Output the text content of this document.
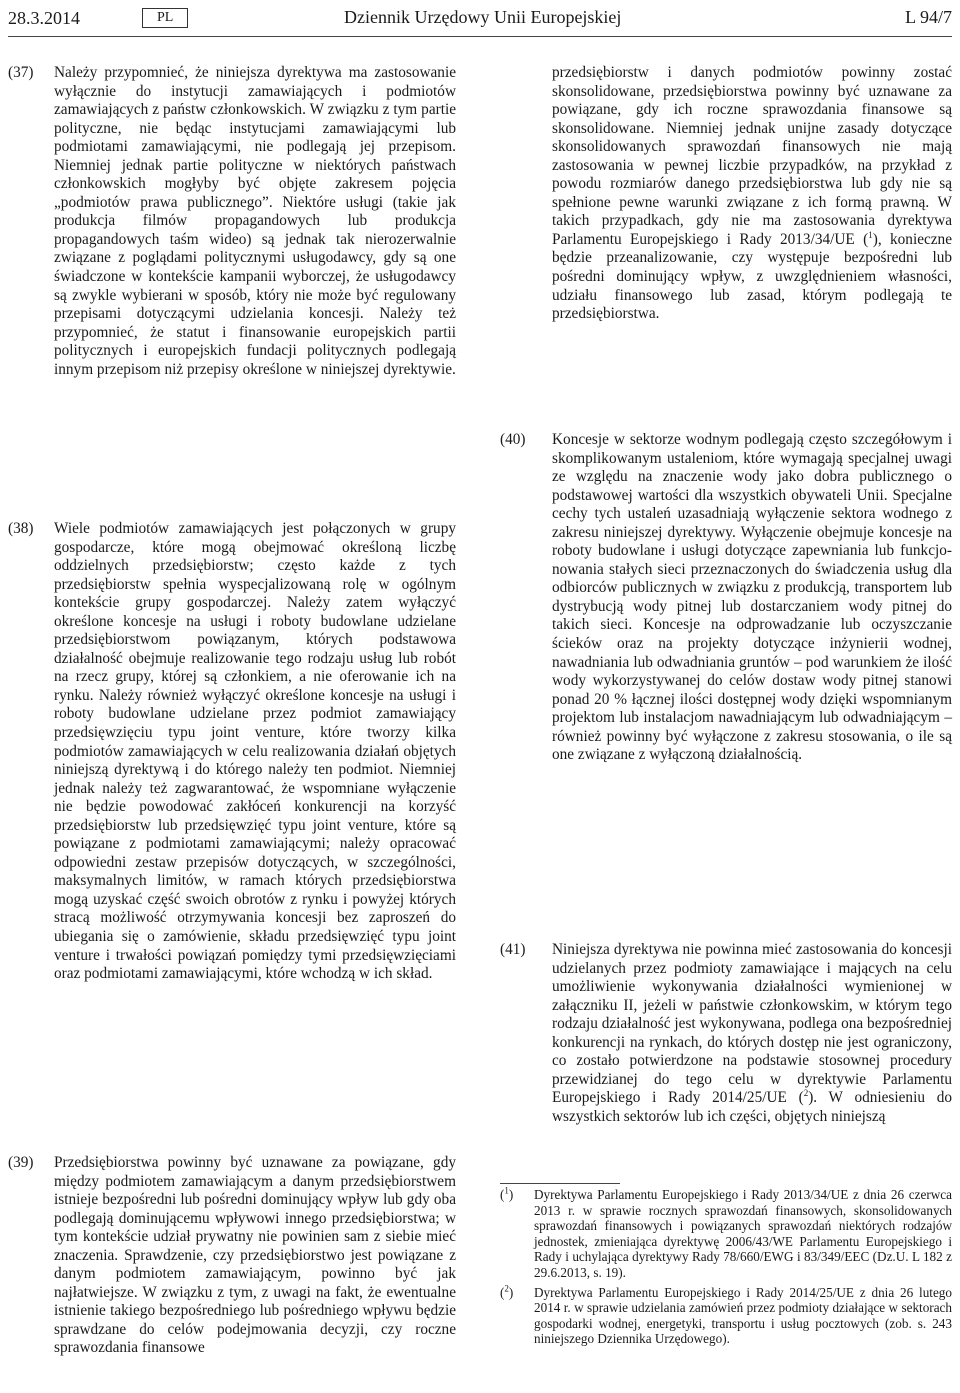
28.3.2014	PL	Dziennik Urzędowy Unii Europejskiej	L 94/7
(37) Należy przypomnieć, że niniejsza dyrektywa ma zastosowanie wyłącznie do instytucji zamawiających i podmiotów zamawiających z państw członkowskich. W związku z tym partie polityczne, nie będąc instytucjami zamawiającymi lub podmiotami zamawiającymi, nie podlegają jej przepisom. Niemniej jednak partie polityczne w niektórych państwach członkowskich mogłyby być objęte zakresem pojęcia „podmiotów prawa publicznego”. Niektóre usługi (takie jak produkcja filmów propagandowych lub produkcja propagandowych taśm wideo) są jednak tak nierozerwalnie związane z poglądami politycznymi usługodawcy, gdy są one świadczone w kontekście kampanii wyborczej, że usługodawcy są zwykle wybierani w sposób, który nie może być regulowany przepisami dotyczącymi udzielania koncesji. Należy też przypomnieć, że statut i finansowanie europejskich partii politycznych i europejskich fundacji politycznych podlegają innym przepisom niż przepisy określone w niniejszej dyrektywie.
(38) Wiele podmiotów zamawiających jest połączonych w grupy gospodarcze, które mogą obejmować określoną liczbę oddzielnych przedsiębiorstw; często każde z tych przedsiębiorstw spełnia wyspecjalizowaną rolę w ogólnym kontekście grupy gospodarczej. Należy zatem wyłączyć określone koncesje na usługi i roboty budowlane udzielane przedsiębiorstwom powiązanym, których podstawowa działalność obejmuje realizowanie tego rodzaju usług lub robót na rzecz grupy, której są członkiem, a nie oferowanie ich na rynku. Należy również wyłączyć określone koncesje na usługi i roboty budowlane udzielane przez podmiot zamawiający przedsięwzięciu typu joint venture, które tworzy kilka podmiotów zamawiających w celu realizowania działań objętych niniejszą dyrektywą i do którego należy ten podmiot. Niemniej jednak należy też zagwarantować, że wspomniane wyłączenie nie będzie powodować zakłóceń konkurencji na korzyść przedsiębiorstw lub przedsięwzięć typu joint venture, które są powiązane z podmiotami zamawiającymi; należy opracować odpowiedni zestaw przepisów dotyczących, w szczególności, maksymalnych limitów, w ramach których przedsiębiorstwa mogą uzyskać część swoich obrotów z rynku i powyżej których stracą możliwość otrzymywania koncesji bez zaproszeń do ubiegania się o zamówienie, składu przedsięwzięć typu joint venture i trwałości powiązań pomiędzy tymi przedsięwzięciami oraz podmiotami zamawiającymi, które wchodzą w ich skład.
(39) Przedsiębiorstwa powinny być uznawane za powiązane, gdy między podmiotem zamawiającym a danym przedsiębiorstwem istnieje bezpośredni lub pośredni dominujący wpływ lub gdy oba podlegają dominującemu wpływowi innego przedsiębiorstwa; w tym kontekście udział prywatny nie powinien sam z siebie mieć znaczenia. Sprawdzenie, czy przedsiębiorstwo jest powiązane z danym podmiotem zamawiającym, powinno być jak najłatwiejsze. W związku z tym, z uwagi na fakt, że ewentualne istnienie takiego bezpośredniego lub pośredniego wpływu będzie sprawdzane do celów podejmowania decyzji, czy roczne sprawozdania finansowe
przedsiębiorstw i danych podmiotów powinny zostać skonsolidowane, przedsiębiorstwa powinny być uznawane za powiązane, gdy ich roczne sprawozdania finansowe są skonsolidowane. Niemniej jednak unijne zasady dotyczące skonsolidowanych sprawozdań finansowych nie mają zastosowania w pewnej liczbie przypadków, na przykład z powodu rozmiarów danego przedsiębiorstwa lub gdy nie są spełnione pewne warunki związane z ich formą prawną. W takich przypadkach, gdy nie ma zastosowania dyrektywa Parlamentu Europejskiego i Rady 2013/34/UE ($^1$), konieczne będzie przeanalizowanie, czy występuje bezpośredni lub pośredni dominujący wpływ, z uwzględnieniem własności, udziału finansowego lub zasad, którym podlegają te przedsiębiorstwa.
(40) Koncesje w sektorze wodnym podlegają często szczegółowym i skomplikowanym ustaleniom, które wymagają specjalnej uwagi ze względu na znaczenie wody jako dobra publicznego o podstawowej wartości dla wszystkich obywateli Unii. Specjalne cechy tych ustaleń uzasadniają wyłączenie sektora wodnego z zakresu niniejszej dyrektywy. Wyłączenie obejmuje koncesje na roboty budowlane i usługi dotyczące zapewniania lub funkcjonowania stałych sieci przeznaczonych do świadczenia usług dla odbiorców publicznych w związku z produkcją, transportem lub dystrybucją wody pitnej lub dostarczaniem wody pitnej do takich sieci. Koncesje na odprowadzanie lub oczyszczanie ścieków oraz na projekty dotyczące inżynierii wodnej, nawadniania lub odwadniania gruntów – pod warunkiem że ilość wody wykorzystywanej do celów dostaw wody pitnej stanowi ponad 20 % łącznej ilości dostępnej wody dzięki wspomnianym projektom lub instalacjom nawadniającym lub odwadniającym – również powinny być wyłączone z zakresu stosowania, o ile są one związane z wyłączoną działalnością.
(41) Niniejsza dyrektywa nie powinna mieć zastosowania do koncesji udzielanych przez podmioty zamawiające i mających na celu umożliwienie wykonywania działalności wymienionej w załączniku II, jeżeli w państwie członkowskim, w którym tego rodzaju działalność jest wykonywana, podlega ona bezpośredniej konkurencji na rynkach, do których dostęp nie jest ograniczony, co zostało potwierdzone na podstawie stosownej procedury przewidzianej do tego celu w dyrektywie Parlamentu Europejskiego i Rady 2014/25/UE ($^2$). W odniesieniu do wszystkich sektorów lub ich części, objętych niniejszą
($^1$) Dyrektywa Parlamentu Europejskiego i Rady 2013/34/UE z dnia 26 czerwca 2013 r. w sprawie rocznych sprawozdań finansowych, skonsolidowanych sprawozdań finansowych i powiązanych sprawozdań niektórych rodzajów jednostek, zmieniająca dyrektywę 2006/43/WE Parlamentu Europejskiego i Rady i uchylająca dyrektywy Rady 78/660/EWG i 83/349/EEC (Dz.U. L 182 z 29.6.2013, s. 19).
($^2$) Dyrektywa Parlamentu Europejskiego i Rady 2014/25/UE z dnia 26 lutego 2014 r. w sprawie udzielania zamówień przez podmioty działające w sektorach gospodarki wodnej, energetyki, transportu i usług pocztowych (zob. s. 243 niniejszego Dziennika Urzędowego).
